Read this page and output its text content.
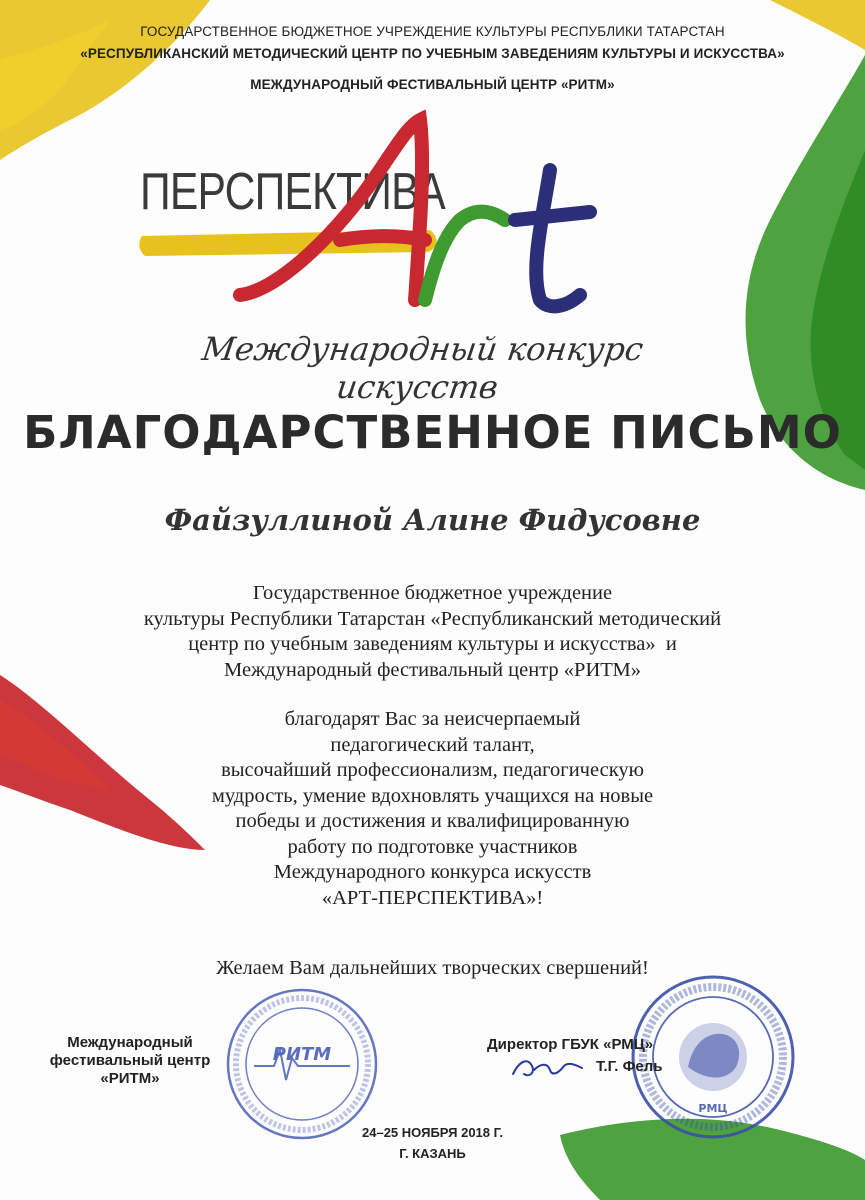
ГОСУДАРСТВЕННОЕ БЮДЖЕТНОЕ УЧРЕЖДЕНИЕ КУЛЬТУРЫ РЕСПУБЛИКИ ТАТАРСТАН
«РЕСПУБЛИКАНСКИЙ МЕТОДИЧЕСКИЙ ЦЕНТР ПО УЧЕБНЫМ ЗАВЕДЕНИЯМ КУЛЬТУРЫ И ИСКУССТВА»
МЕЖДУНАРОДНЫЙ ФЕСТИВАЛЬНЫЙ ЦЕНТР «РИТМ»
ПЕРСПЕКТИВА
Международный конкурс искусств
БЛАГОДАРСТВЕННОЕ ПИСЬМО
Файзуллиной Алине Фидусовне
Государственное бюджетное учреждение
культуры Республики Татарстан «Республиканский методический
центр по учебным заведениям культуры и искусства»  и
Международный фестивальный центр «РИТМ»
благодарят Вас за неисчерпаемый
педагогический талант,
высочайший профессионализм, педагогическую
мудрость, умение вдохновлять учащихся на новые
победы и достижения и квалифицированную
работу по подготовке участников
Международного конкурса искусств
«АРТ-ПЕРСПЕКТИВА»!
Желаем Вам дальнейших творческих свершений!
РИТМ
РМЦ
Международный
фестивальный центр
«РИТМ»
Директор ГБУК «РМЦ»
Т.Г. Фель
24–25 НОЯБРЯ 2018 Г.
Г. КАЗАНЬ
